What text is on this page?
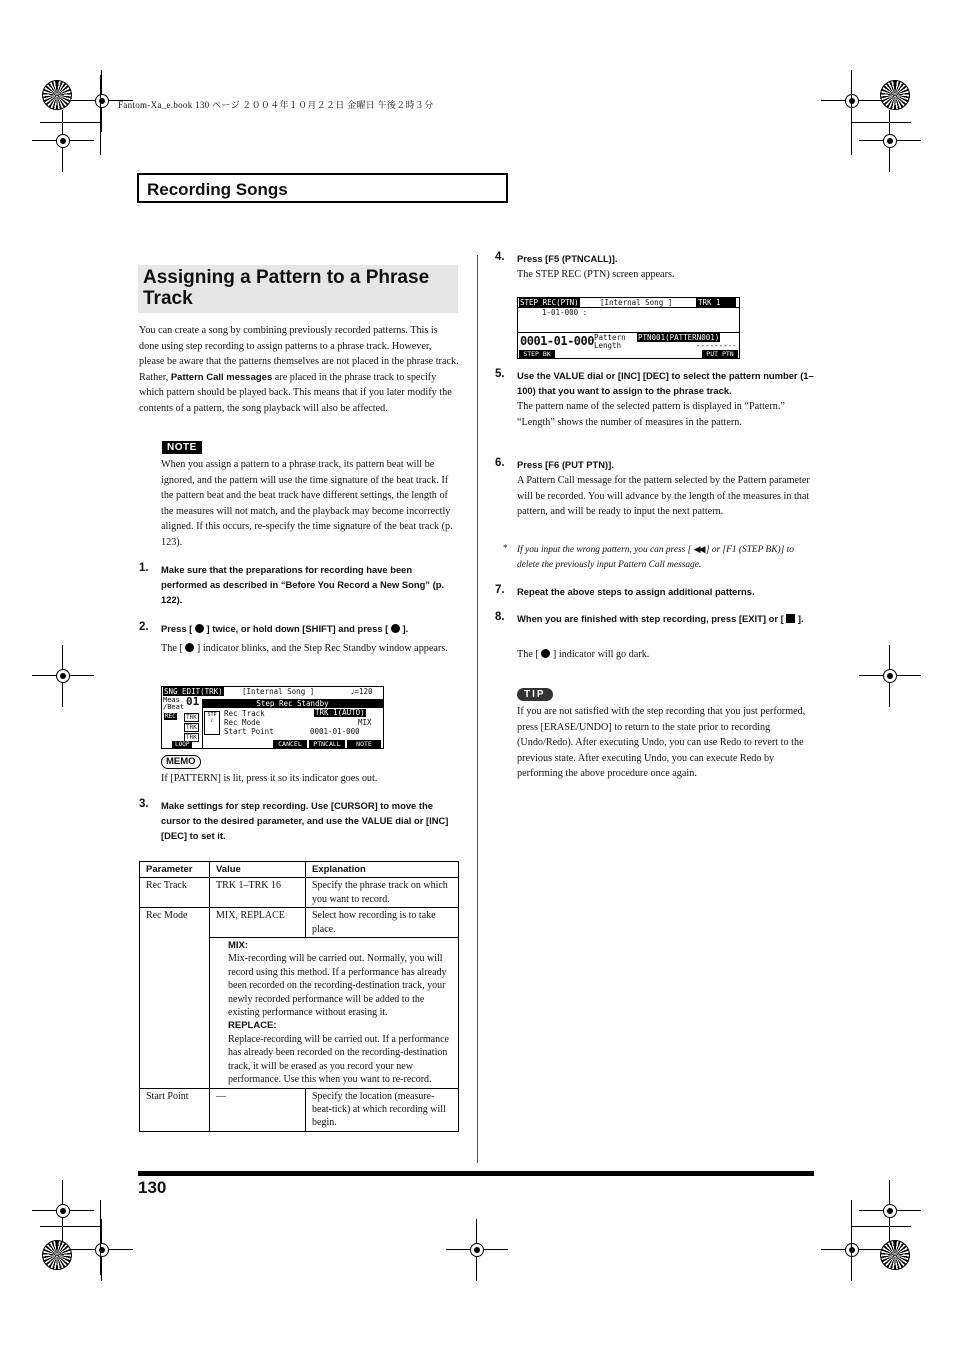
Fantom-Xa_e.book 130 ページ ２００４年１０月２２日 金曜日 午後２時３分
Recording Songs
Assigning a Pattern to a Phrase Track
You can create a song by combining previously recorded patterns. This is done using step recording to assign patterns to a phrase track. However, please be aware that the patterns themselves are not placed in the phrase track. Rather, Pattern Call messages are placed in the phrase track to specify which pattern should be played back. This means that if you later modify the contents of a pattern, the song playback will also be affected.
NOTE
When you assign a pattern to a phrase track, its pattern beat will be ignored, and the pattern will use the time signature of the beat track. If the pattern beat and the beat track have different settings, the length of the measures will not match, and the playback may become incorrectly aligned. If this occurs, re-specify the time signature of the beat track (p. 123).
1. Make sure that the preparations for recording have been performed as described in “Before You Record a New Song” (p. 122).
2. Press [  ] twice, or hold down [SHIFT] and press [  ].
The [  ] indicator blinks, and the Step Rec Standby window appears.
SNG EDIT(TRK)	[Internal Song ]	♩=120
Meas
/Beat 01	Step Rec Standby
STP ♪
Rec Track	TRK 1(AUTO)
Rec Mode	MIX
Start Point	0001-01-000
REC	TRK
TRK
TRK
LOOP	CANCEL	PTNCALL	NOTE
MEMO
If [PATTERN] is lit, press it so its indicator goes out.
3. Make settings for step recording. Use [CURSOR] to move the cursor to the desired parameter, and use the VALUE dial or [INC] [DEC] to set it.
Parameter	Value	Explanation
Rec Track	TRK 1–TRK 16	Specify the phrase track on which you want to record.
Rec Mode	MIX, REPLACE	Select how recording is to take place.

	MIX:
Mix-recording will be carried out. Normally, you will record using this method. If a performance has already been recorded on the recording-destination track, your newly recorded performance will be added to the existing performance without erasing it.
REPLACE:
Replace-recording will be carried out. If a performance has already been recorded on the recording-destination track, it will be erased as you record your new performance. Use this when you want to re-record.	

Start Point	—	Specify the location (measure-beat-tick) at which recording will begin.
4. Press [F5 (PTNCALL)].
The STEP REC (PTN) screen appears.
STEP REC(PTN)	[Internal Song ]	TRK 1
1-01-000 :
0001-01-000 Pattern PTN001(PATTERN001)
Length	---------
STEP BK	PUT PTN
5. Use the VALUE dial or [INC] [DEC] to select the pattern number (1–100) that you want to assign to the phrase track.
The pattern name of the selected pattern is displayed in “Pattern.” “Length” shows the number of measures in the pattern.
6. Press [F6 (PUT PTN)].
A Pattern Call message for the pattern selected by the Pattern parameter will be recorded. You will advance by the length of the measures in that pattern, and will be ready to input the next pattern.
* If you input the wrong pattern, you can press [ ◀◀ ] or [F1 (STEP BK)] to delete the previously input Pattern Call message.
7. Repeat the above steps to assign additional patterns.
8. When you are finished with step recording, press [EXIT] or [  ].
The [  ] indicator will go dark.
TIP
If you are not satisfied with the step recording that you just performed, press [ERASE/UNDO] to return to the state prior to recording (Undo/Redo). After executing Undo, you can use Redo to revert to the previous state. After executing Undo, you can execute Redo by performing the above procedure once again.
130
